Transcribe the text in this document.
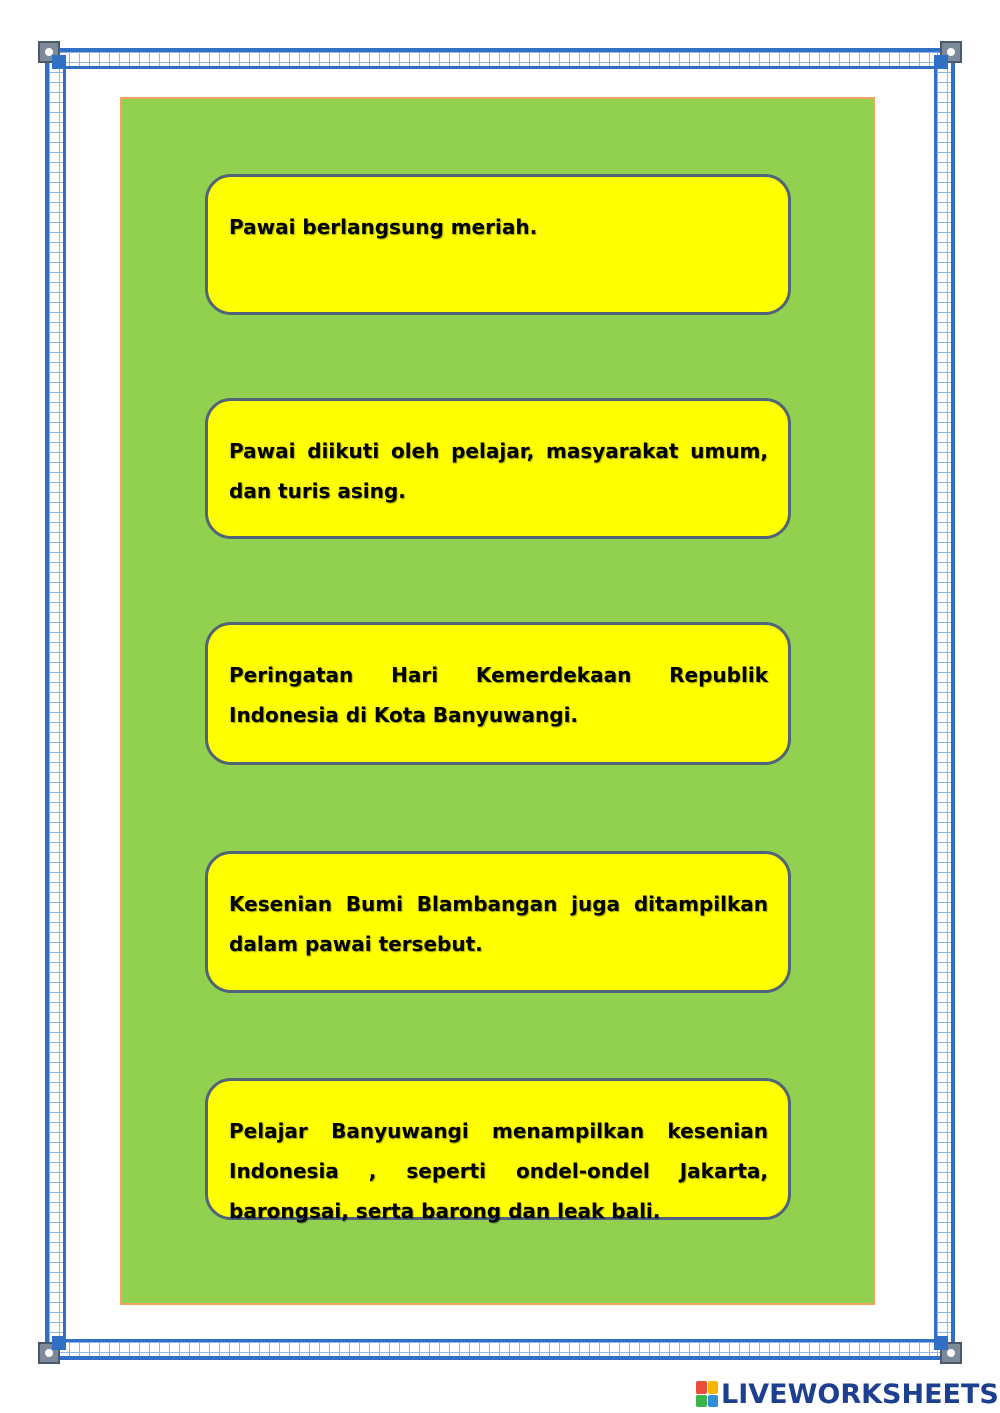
Pawai berlangsung meriah.
Pawai diikuti oleh pelajar, masyarakat umum, dan turis asing.
Peringatan Hari Kemerdekaan Republik Indonesia di Kota Banyuwangi.
Kesenian Bumi Blambangan juga ditampilkan dalam pawai tersebut.
Pelajar Banyuwangi menampilkan kesenian Indonesia , seperti ondel-ondel Jakarta, barongsai, serta barong dan leak bali.
LIVEWORKSHEETS
